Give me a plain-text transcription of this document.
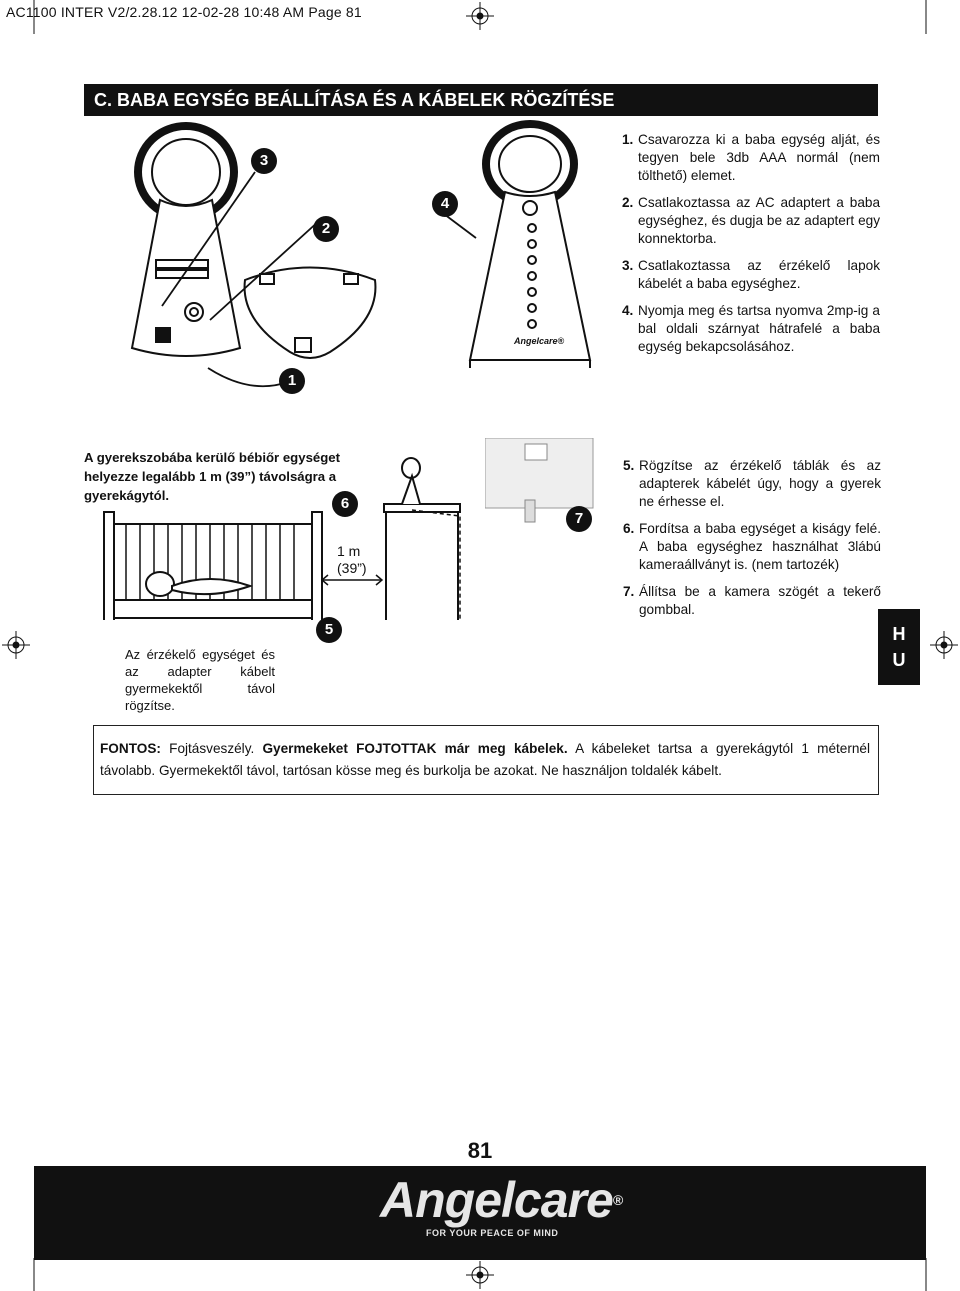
AC1100 INTER V2/2.28.12 12-02-28 10:48 AM Page 81
C. BABA EGYSÉG BEÁLLÍTÁSA ÉS A KÁBELEK RÖGZÍTÉSE
3
2
4
1
Angelcare®
1. Csavarozza ki a baba egység alját, és tegyen bele 3db AAA normál (nem tölthető) elemet.
2. Csatlakoztassa az AC adaptert a baba egységhez, és dugja be az adaptert egy konnektorba.
3. Csatlakoztassa az érzékelő lapok kábelét a baba egységhez.
4. Nyomja meg és tartsa nyomva 2mp-ig a bal oldali szárnyat hátrafelé a baba egység bekapcsolásához.
A gyerekszobába kerülő bébiőr egységet helyezze legalább 1 m (39”) távolságra a gyerekágytól.	6
7
5
1 m
(39”)
5. Rögzítse az érzékelő táblák és az adapterek kábelét úgy, hogy a gyerek ne érhesse el.
6. Fordítsa a baba egységet a kiságy felé. A baba egységhez használhat 3lábú kameraállványt is. (nem tartozék)
7. Állítsa be a kamera szögét a tekerő gombbal.
Az érzékelő egységet és az adapter kábelt gyermekektől távol rögzítse.
H
U
FONTOS: Fojtásveszély. Gyermekeket FOJTOTTAK már meg kábelek. A kábeleket tartsa a gyerekágytól 1 méternél távolabb. Gyermekektől távol, tartósan kösse meg és burkolja be azokat. Ne használjon toldalék kábelt.
81
Angelcare®
FOR YOUR PEACE OF MIND
